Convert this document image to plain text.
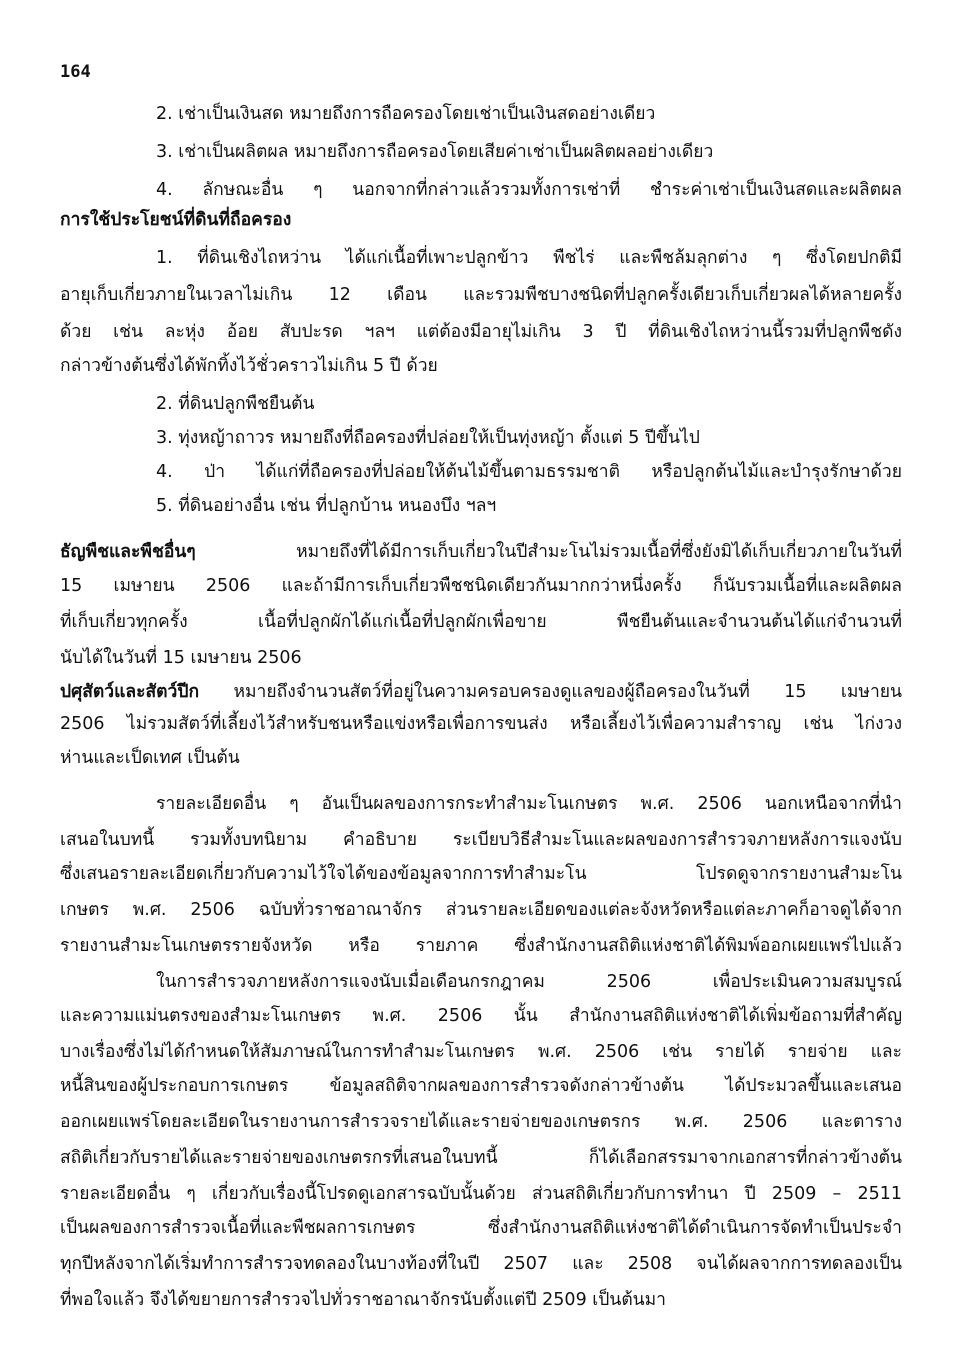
164
2. เช่าเป็นเงินสด หมายถึงการถือครองโดยเช่าเป็นเงินสดอย่างเดียว
3. เช่าเป็นผลิตผล หมายถึงการถือครองโดยเสียค่าเช่าเป็นผลิตผลอย่างเดียว
4. ลักษณะอื่น ๆ นอกจากที่กล่าวแล้วรวมทั้งการเช่าที่ ชำระค่าเช่าเป็นเงินสดและผลิตผล
การใช้ประโยชน์ที่ดินที่ถือครอง
1. ที่ดินเชิงไถหว่าน ได้แก่เนื้อที่เพาะปลูกข้าว พืชไร่ และพืชล้มลุกต่าง ๆ ซึ่งโดยปกติมี
อายุเก็บเกี่ยวภายในเวลาไม่เกิน 12 เดือน และรวมพืชบางชนิดที่ปลูกครั้งเดียวเก็บเกี่ยวผลได้หลายครั้ง
ด้วย เช่น ละหุ่ง อ้อย สับปะรด ฯลฯ แต่ต้องมีอายุไม่เกิน 3 ปี ที่ดินเชิงไถหว่านนี้รวมที่ปลูกพืชดัง
กล่าวข้างต้นซึ่งได้พักทิ้งไว้ชั่วคราวไม่เกิน 5 ปี ด้วย
2. ที่ดินปลูกพืชยืนต้น
3. ทุ่งหญ้าถาวร หมายถึงที่ถือครองที่ปล่อยให้เป็นทุ่งหญ้า ตั้งแต่ 5 ปีขึ้นไป
4. ป่า ได้แก่ที่ถือครองที่ปล่อยให้ต้นไม้ขึ้นตามธรรมชาติ หรือปลูกต้นไม้และบำรุงรักษาด้วย
5. ที่ดินอย่างอื่น เช่น ที่ปลูกบ้าน หนองบึง ฯลฯ
ธัญพืชและพืชอื่นๆ หมายถึงที่ได้มีการเก็บเกี่ยวในปีสำมะโนไม่รวมเนื้อที่ซึ่งยังมิได้เก็บเกี่ยวภายในวันที่
15 เมษายน 2506 และถ้ามีการเก็บเกี่ยวพืชชนิดเดียวกันมากกว่าหนึ่งครั้ง ก็นับรวมเนื้อที่และผลิตผล
ที่เก็บเกี่ยวทุกครั้ง เนื้อที่ปลูกผักได้แก่เนื้อที่ปลูกผักเพื่อขาย พืชยืนต้นและจำนวนต้นได้แก่จำนวนที่
นับได้ในวันที่ 15 เมษายน 2506
ปศุสัตว์และสัตว์ปีก หมายถึงจำนวนสัตว์ที่อยู่ในความครอบครองดูแลของผู้ถือครองในวันที่ 15 เมษายน
2506 ไม่รวมสัตว์ที่เลี้ยงไว้สำหรับชนหรือแข่งหรือเพื่อการขนส่ง หรือเลี้ยงไว้เพื่อความสำราญ เช่น ไก่งวง
ห่านและเป็ดเทศ เป็นต้น
รายละเอียดอื่น ๆ อันเป็นผลของการกระทำสำมะโนเกษตร พ.ศ. 2506 นอกเหนือจากที่นำ
เสนอในบทนี้ รวมทั้งบทนิยาม คำอธิบาย ระเบียบวิธีสำมะโนและผลของการสำรวจภายหลังการแจงนับ
ซึ่งเสนอรายละเอียดเกี่ยวกับความไว้ใจได้ของข้อมูลจากการทำสำมะโน โปรดดูจากรายงานสำมะโน
เกษตร พ.ศ. 2506 ฉบับทั่วราชอาณาจักร ส่วนรายละเอียดของแต่ละจังหวัดหรือแต่ละภาคก็อาจดูได้จาก
รายงานสำมะโนเกษตรรายจังหวัด หรือ รายภาค ซึ่งสำนักงานสถิติแห่งชาติได้พิมพ์ออกเผยแพร่ไปแล้ว
ในการสำรวจภายหลังการแจงนับเมื่อเดือนกรกฎาคม 2506 เพื่อประเมินความสมบูรณ์
และความแม่นตรงของสำมะโนเกษตร พ.ศ. 2506 นั้น สำนักงานสถิติแห่งชาติได้เพิ่มข้อถามที่สำคัญ
บางเรื่องซึ่งไม่ได้กำหนดให้สัมภาษณ์ในการทำสำมะโนเกษตร พ.ศ. 2506 เช่น รายได้ รายจ่าย และ
หนี้สินของผู้ประกอบการเกษตร ข้อมูลสถิติจากผลของการสำรวจดังกล่าวข้างต้น ได้ประมวลขึ้นและเสนอ
ออกเผยแพร่โดยละเอียดในรายงานการสำรวจรายได้และรายจ่ายของเกษตรกร พ.ศ. 2506 และตาราง
สถิติเกี่ยวกับรายได้และรายจ่ายของเกษตรกรที่เสนอในบทนี้ ก็ได้เลือกสรรมาจากเอกสารที่กล่าวข้างต้น
รายละเอียดอื่น ๆ เกี่ยวกับเรื่องนี้โปรดดูเอกสารฉบับนั้นด้วย ส่วนสถิติเกี่ยวกับการทำนา ปี 2509 – 2511
เป็นผลของการสำรวจเนื้อที่และพืชผลการเกษตร ซึ่งสำนักงานสถิติแห่งชาติได้ดำเนินการจัดทำเป็นประจำ
ทุกปีหลังจากได้เริ่มทำการสำรวจทดลองในบางท้องที่ในปี 2507 และ 2508 จนได้ผลจากการทดลองเป็น
ที่พอใจแล้ว จึงได้ขยายการสำรวจไปทั่วราชอาณาจักรนับตั้งแต่ปี 2509 เป็นต้นมา
